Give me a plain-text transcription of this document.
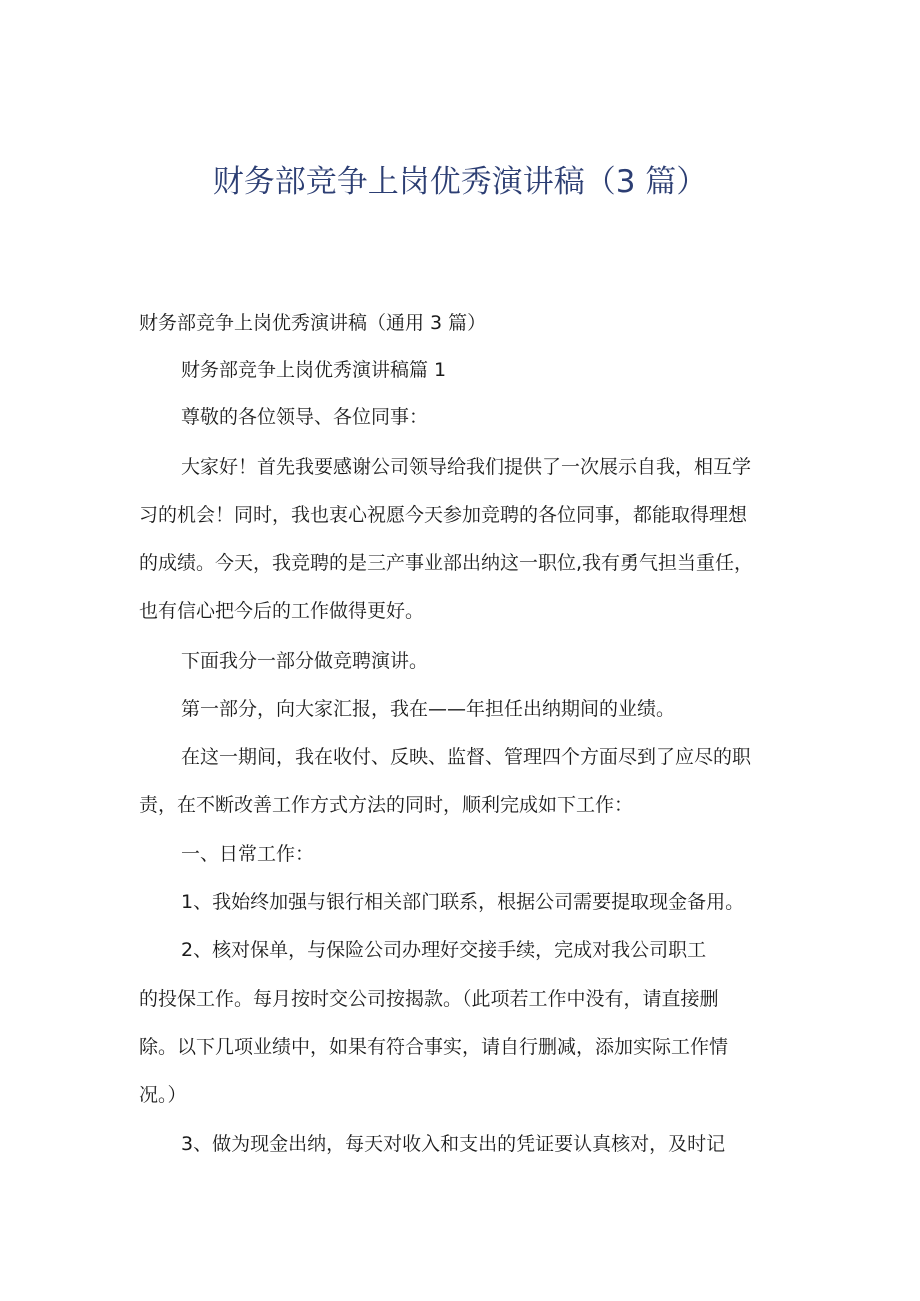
财务部竞争上岗优秀演讲稿（3 篇）
财务部竞争上岗优秀演讲稿（通用 3 篇）
财务部竞争上岗优秀演讲稿篇 1
尊敬的各位领导、各位同事：
大家好！首先我要感谢公司领导给我们提供了一次展示自我，相互学
习的机会！同时，我也衷心祝愿今天参加竞聘的各位同事，都能取得理想
的成绩。今天，我竞聘的是三产事业部出纳这一职位,我有勇气担当重任，
也有信心把今后的工作做得更好。
下面我分一部分做竞聘演讲。
第一部分，向大家汇报，我在——年担任出纳期间的业绩。
在这一期间，我在收付、反映、监督、管理四个方面尽到了应尽的职
责，在不断改善工作方式方法的同时，顺利完成如下工作：
一、日常工作：
1、我始终加强与银行相关部门联系，根据公司需要提取现金备用。
2、核对保单，与保险公司办理好交接手续，完成对我公司职工
的投保工作。每月按时交公司按揭款。（此项若工作中没有，请直接删
除。以下几项业绩中，如果有符合事实，请自行删减，添加实际工作情
况。）
3、做为现金出纳，每天对收入和支出的凭证要认真核对，及时记
